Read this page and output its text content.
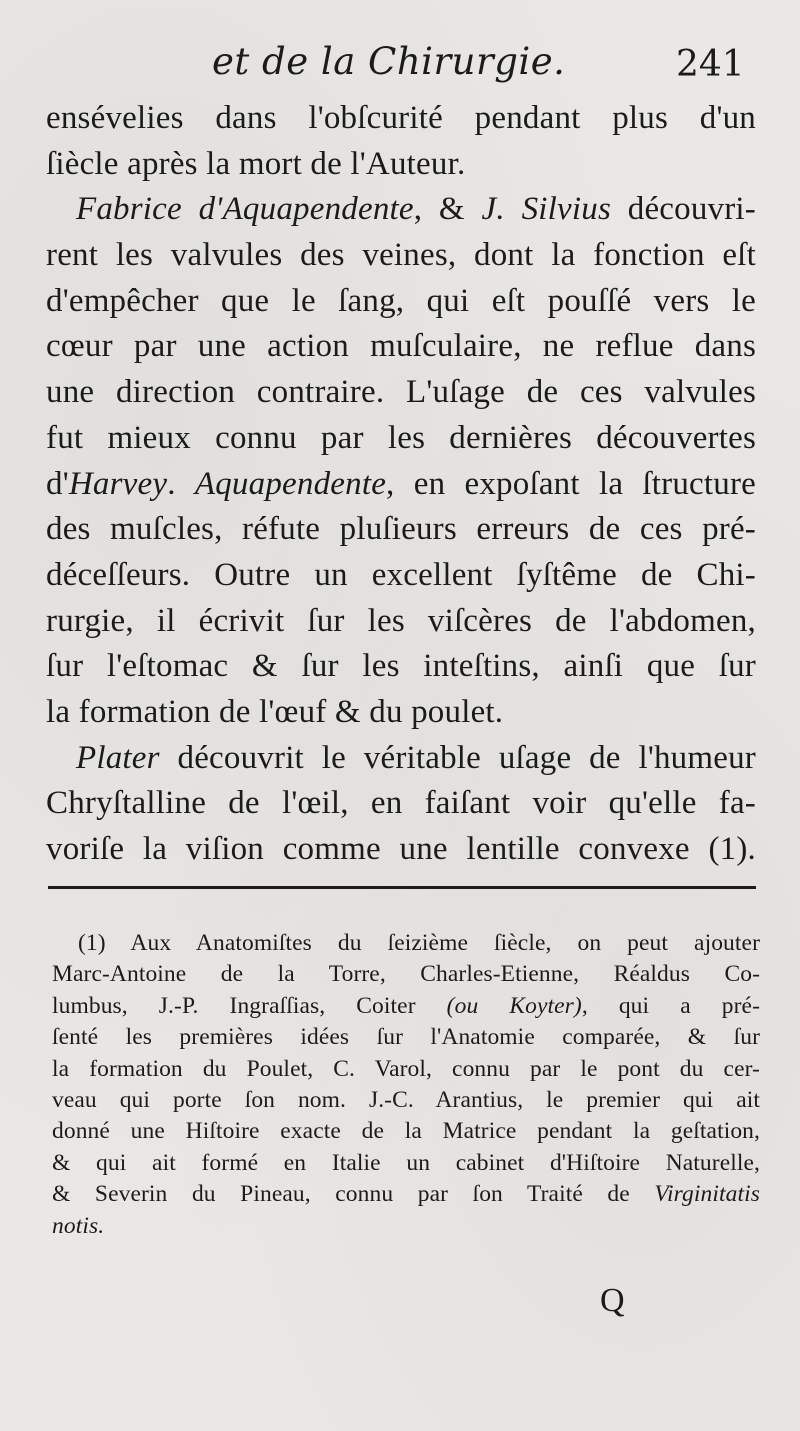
et de la Chirurgie.	241
ensévelies dans l'obſcurité pendant plus d'un
ſiècle après la mort de l'Auteur.
Fabrice d'Aquapendente, & J. Silvius découvri-
rent les valvules des veines, dont la fonction eſt
d'empêcher que le ſang, qui eſt pouſſé vers le
cœur par une action muſculaire, ne reflue dans
une direction contraire. L'uſage de ces valvules
fut mieux connu par les dernières découvertes
d'Harvey. Aquapendente, en expoſant la ſtructure
des muſcles, réfute pluſieurs erreurs de ces pré-
déceſſeurs. Outre un excellent ſyſtême de Chi-
rurgie, il écrivit ſur les viſcères de l'abdomen,
ſur l'eſtomac & ſur les inteſtins, ainſi que ſur
la formation de l'œuf & du poulet.
Plater découvrit le véritable uſage de l'humeur
Chryſtalline de l'œil, en faiſant voir qu'elle fa-
voriſe la viſion comme une lentille convexe (1).
(1) Aux Anatomiſtes du ſeizième ſiècle, on peut ajouter
Marc-Antoine de la Torre, Charles-Etienne, Réaldus Co-
lumbus, J.-P. Ingraſſias, Coiter (ou Koyter), qui a pré-
ſenté les premières idées ſur l'Anatomie comparée, & ſur
la formation du Poulet, C. Varol, connu par le pont du cer-
veau qui porte ſon nom. J.-C. Arantius, le premier qui ait
donné une Hiſtoire exacte de la Matrice pendant la geſtation,
& qui ait formé en Italie un cabinet d'Hiſtoire Naturelle,
& Severin du Pineau, connu par ſon Traité de Virginitatis
notis.
Q
